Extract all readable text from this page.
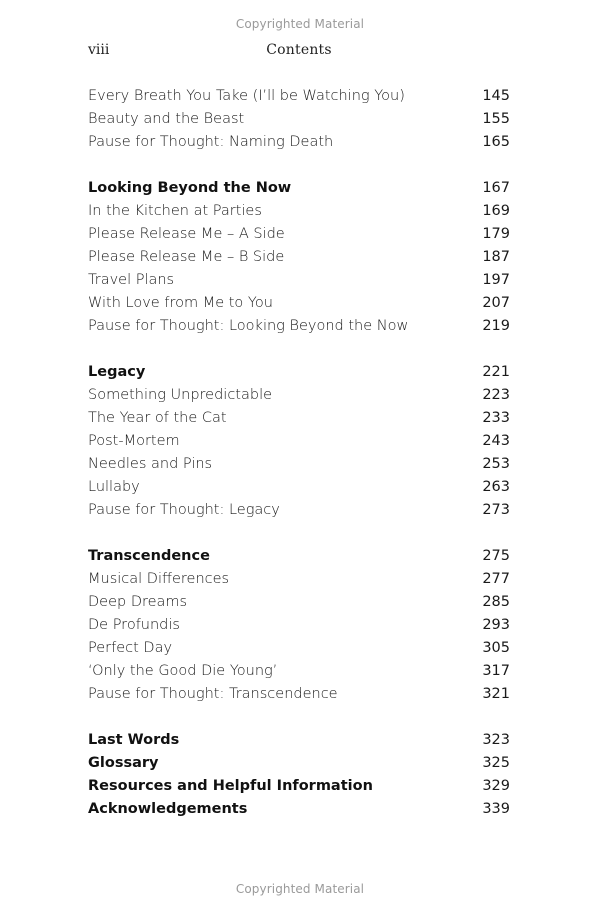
Copyrighted Material
viii	Contents
Every Breath You Take (I’ll be Watching You)	145
Beauty and the Beast	155
Pause for Thought: Naming Death	165
Looking Beyond the Now	167
In the Kitchen at Parties	169
Please Release Me – A Side	179
Please Release Me – B Side	187
Travel Plans	197
With Love from Me to You	207
Pause for Thought: Looking Beyond the Now	219
Legacy	221
Something Unpredictable	223
The Year of the Cat	233
Post-Mortem	243
Needles and Pins	253
Lullaby	263
Pause for Thought: Legacy	273
Transcendence	275
Musical Differences	277
Deep Dreams	285
De Profundis	293
Perfect Day	305
‘Only the Good Die Young’	317
Pause for Thought: Transcendence	321
Last Words	323
Glossary	325
Resources and Helpful Information	329
Acknowledgements	339
Copyrighted Material
